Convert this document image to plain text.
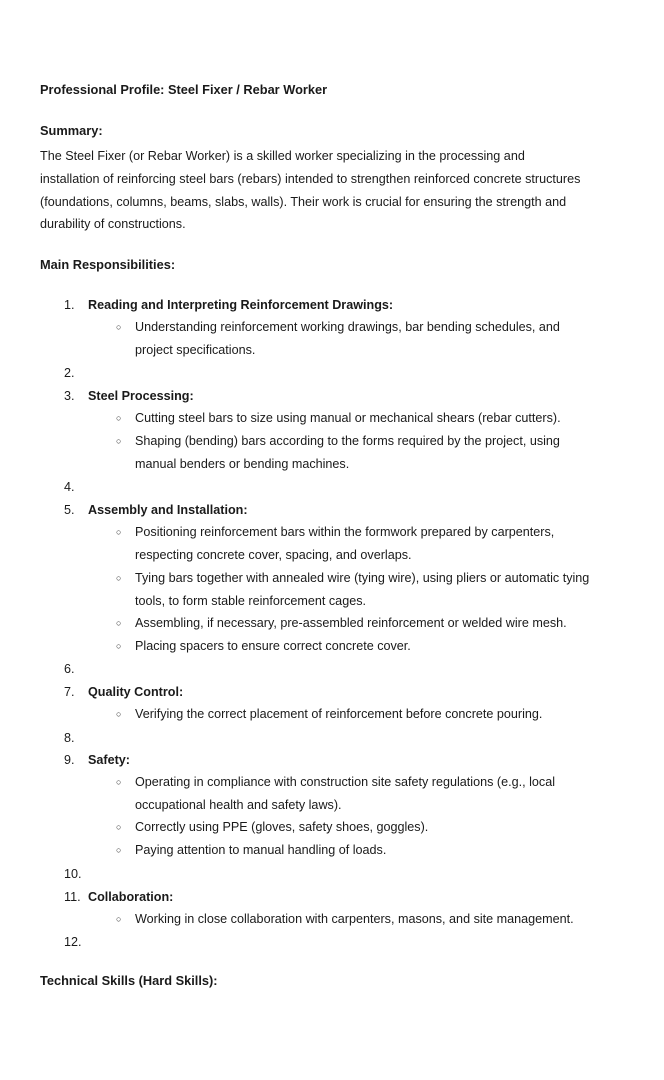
Professional Profile: Steel Fixer / Rebar Worker
Summary:
The Steel Fixer (or Rebar Worker) is a skilled worker specializing in the processing and
installation of reinforcing steel bars (rebars) intended to strengthen reinforced concrete structures
(foundations, columns, beams, slabs, walls). Their work is crucial for ensuring the strength and
durability of constructions.
Main Responsibilities:
1. Reading and Interpreting Reinforcement Drawings:
○ Understanding reinforcement working drawings, bar bending schedules, and
project specifications.
2.
3. Steel Processing:
○ Cutting steel bars to size using manual or mechanical shears (rebar cutters).
○ Shaping (bending) bars according to the forms required by the project, using
manual benders or bending machines.
4.
5. Assembly and Installation:
○ Positioning reinforcement bars within the formwork prepared by carpenters,
respecting concrete cover, spacing, and overlaps.
○ Tying bars together with annealed wire (tying wire), using pliers or automatic tying
tools, to form stable reinforcement cages.
○ Assembling, if necessary, pre-assembled reinforcement or welded wire mesh.
○ Placing spacers to ensure correct concrete cover.
6.
7. Quality Control:
○ Verifying the correct placement of reinforcement before concrete pouring.
8.
9. Safety:
○ Operating in compliance with construction site safety regulations (e.g., local
occupational health and safety laws).
○ Correctly using PPE (gloves, safety shoes, goggles).
○ Paying attention to manual handling of loads.
10.
11. Collaboration:
○ Working in close collaboration with carpenters, masons, and site management.
12.
Technical Skills (Hard Skills):
